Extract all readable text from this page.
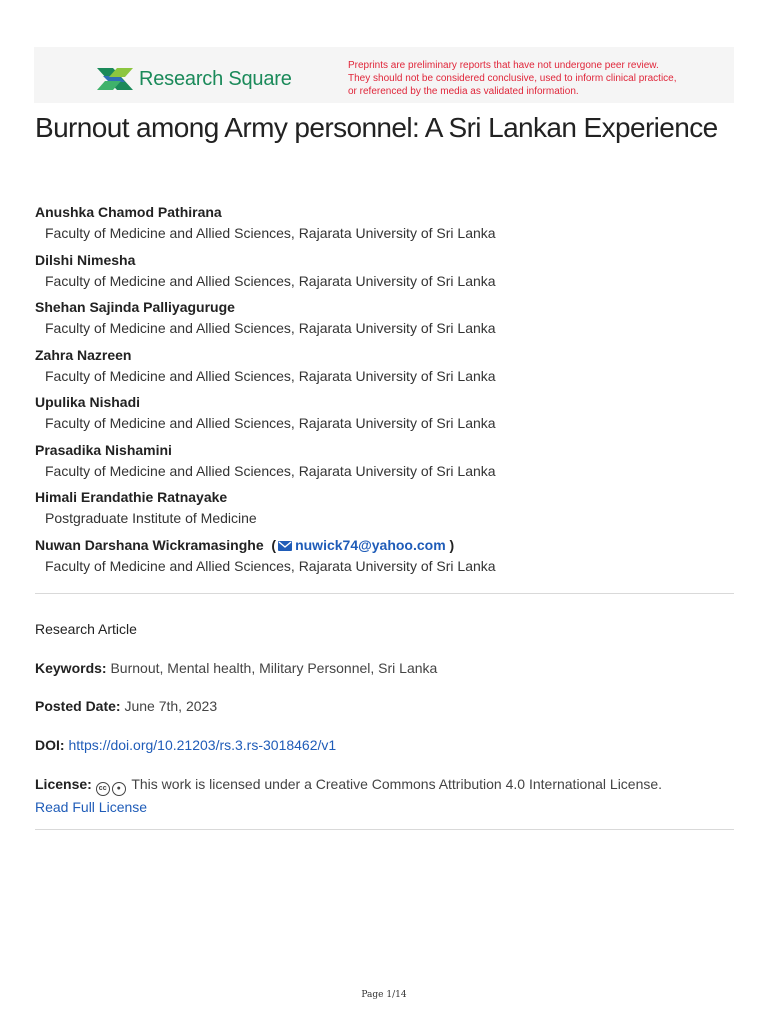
Research Square
Preprints are preliminary reports that have not undergone peer review.
They should not be considered conclusive, used to inform clinical practice,
or referenced by the media as validated information.
Burnout among Army personnel: A Sri Lankan Experience
Anushka Chamod Pathirana
Faculty of Medicine and Allied Sciences, Rajarata University of Sri Lanka
Dilshi Nimesha
Faculty of Medicine and Allied Sciences, Rajarata University of Sri Lanka
Shehan Sajinda Palliyaguruge
Faculty of Medicine and Allied Sciences, Rajarata University of Sri Lanka
Zahra Nazreen
Faculty of Medicine and Allied Sciences, Rajarata University of Sri Lanka
Upulika Nishadi
Faculty of Medicine and Allied Sciences, Rajarata University of Sri Lanka
Prasadika Nishamini
Faculty of Medicine and Allied Sciences, Rajarata University of Sri Lanka
Himali Erandathie Ratnayake
Postgraduate Institute of Medicine
Nuwan Darshana Wickramasinghe  ( nuwick74@yahoo.com )
Faculty of Medicine and Allied Sciences, Rajarata University of Sri Lanka
Research Article
Keywords: Burnout, Mental health, Military Personnel, Sri Lanka
Posted Date: June 7th, 2023
DOI: https://doi.org/10.21203/rs.3.rs-3018462/v1
License: cc ● This work is licensed under a Creative Commons Attribution 4.0 International License.
Read Full License
Page 1/14
